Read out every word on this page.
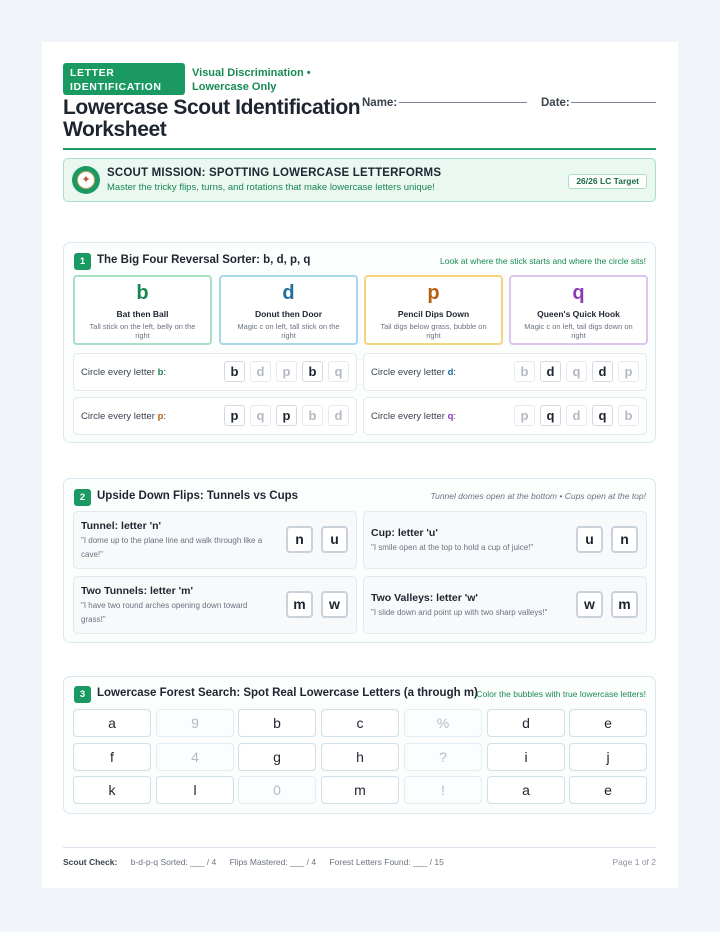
LETTER IDENTIFICATION
Visual Discrimination • Lowercase Only
Lowercase Scout Identification Worksheet
Name:	Date:
✦
SCOUT MISSION: SPOTTING LOWERCASE LETTERFORMS
Master the tricky flips, turns, and rotations that make lowercase letters unique!
26/26 LC Target
1	The Big Four Reversal Sorter: b, d, p, q	Look at where the stick starts and where the circle sits!
b
Bat then Ball
Tall stick on the left, belly on the right
d
Donut then Door
Magic c on left, tall stick on the right
p
Pencil Dips Down
Tail digs below grass, bubble on right
q
Queen's Quick Hook
Magic c on left, tail digs down on right
Circle every letter b:	b	d	p	b	q	Circle every letter d:	b	d	q	d	p
Circle every letter p:	p	q	p	b	d	Circle every letter q:	p	q	d	q	b
2	Upside Down Flips: Tunnels vs Cups	Tunnel domes open at the bottom • Cups open at the top!
Tunnel: letter 'n'
"I dome up to the plane line and walk through like a cave!"
n	u	Cup: letter 'u'
"I smile open at the top to hold a cup of juice!"
u	n
Two Tunnels: letter 'm'
"I have two round arches opening down toward grass!"
m	w	Two Valleys: letter 'w'
"I slide down and point up with two sharp valleys!"
w	m
3	Lowercase Forest Search: Spot Real Lowercase Letters (a through m)
Color the bubbles with true lowercase letters!
a	9	b	c	%	d	e
f	4	g	h	?	i	j
k	l	0	m	!	a	e
Scout Check: b-d-p-q Sorted: ___ / 4 Flips Mastered: ___ / 4 Forest Letters Found: ___ / 15	Page 1 of 2
